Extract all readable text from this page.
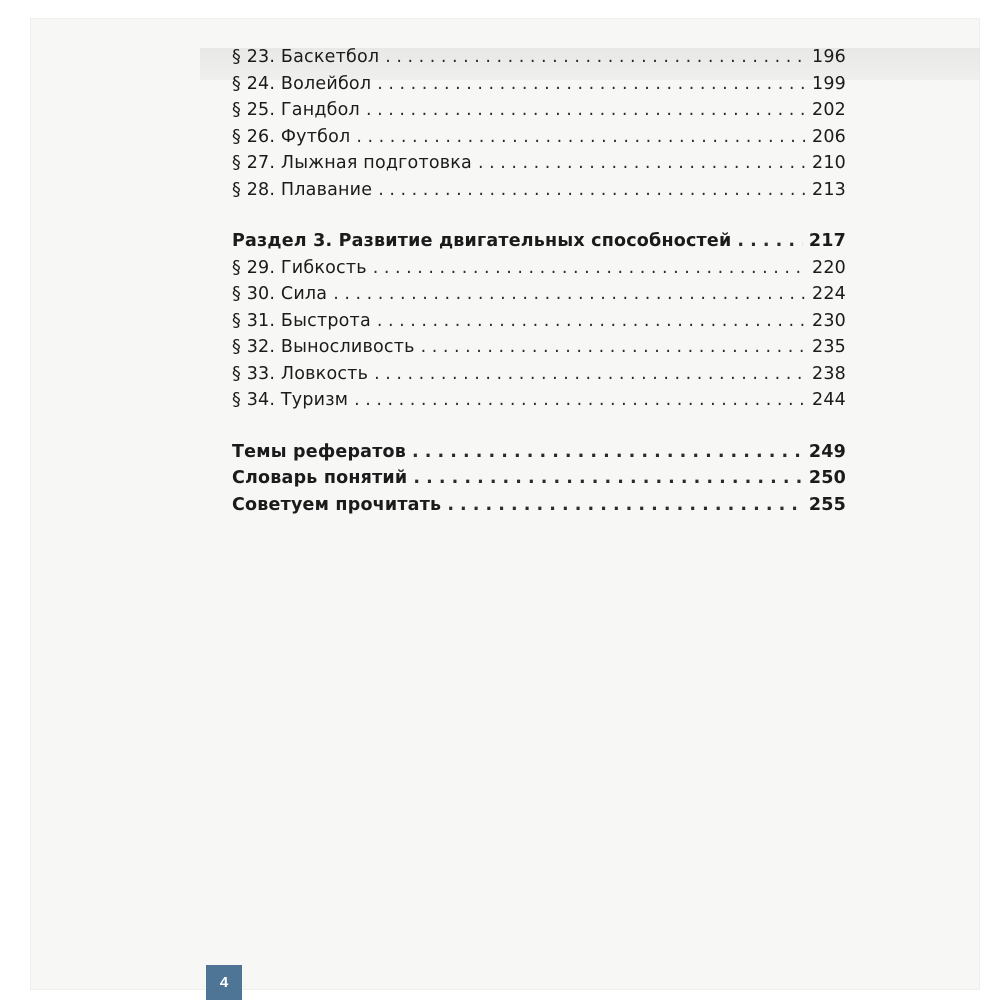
§ 23. Баскетбол . . .	196
§ 24. Волейбол . . .	199
§ 25. Гандбол . . .	202
§ 26. Футбол . . .	206
§ 27. Лыжная подготовка . . .	210
§ 28. Плавание . . .	213
Раздел 3. Развитие двигательных способностей . . .	217
§ 29. Гибкость . . .	220
§ 30. Сила . . .	224
§ 31. Быстрота . . .	230
§ 32. Выносливость . . .	235
§ 33. Ловкость . . .	238
§ 34. Туризм . . .	244
Темы рефератов . . .	249
Словарь понятий . . .	250
Советуем прочитать . . .	255
4
